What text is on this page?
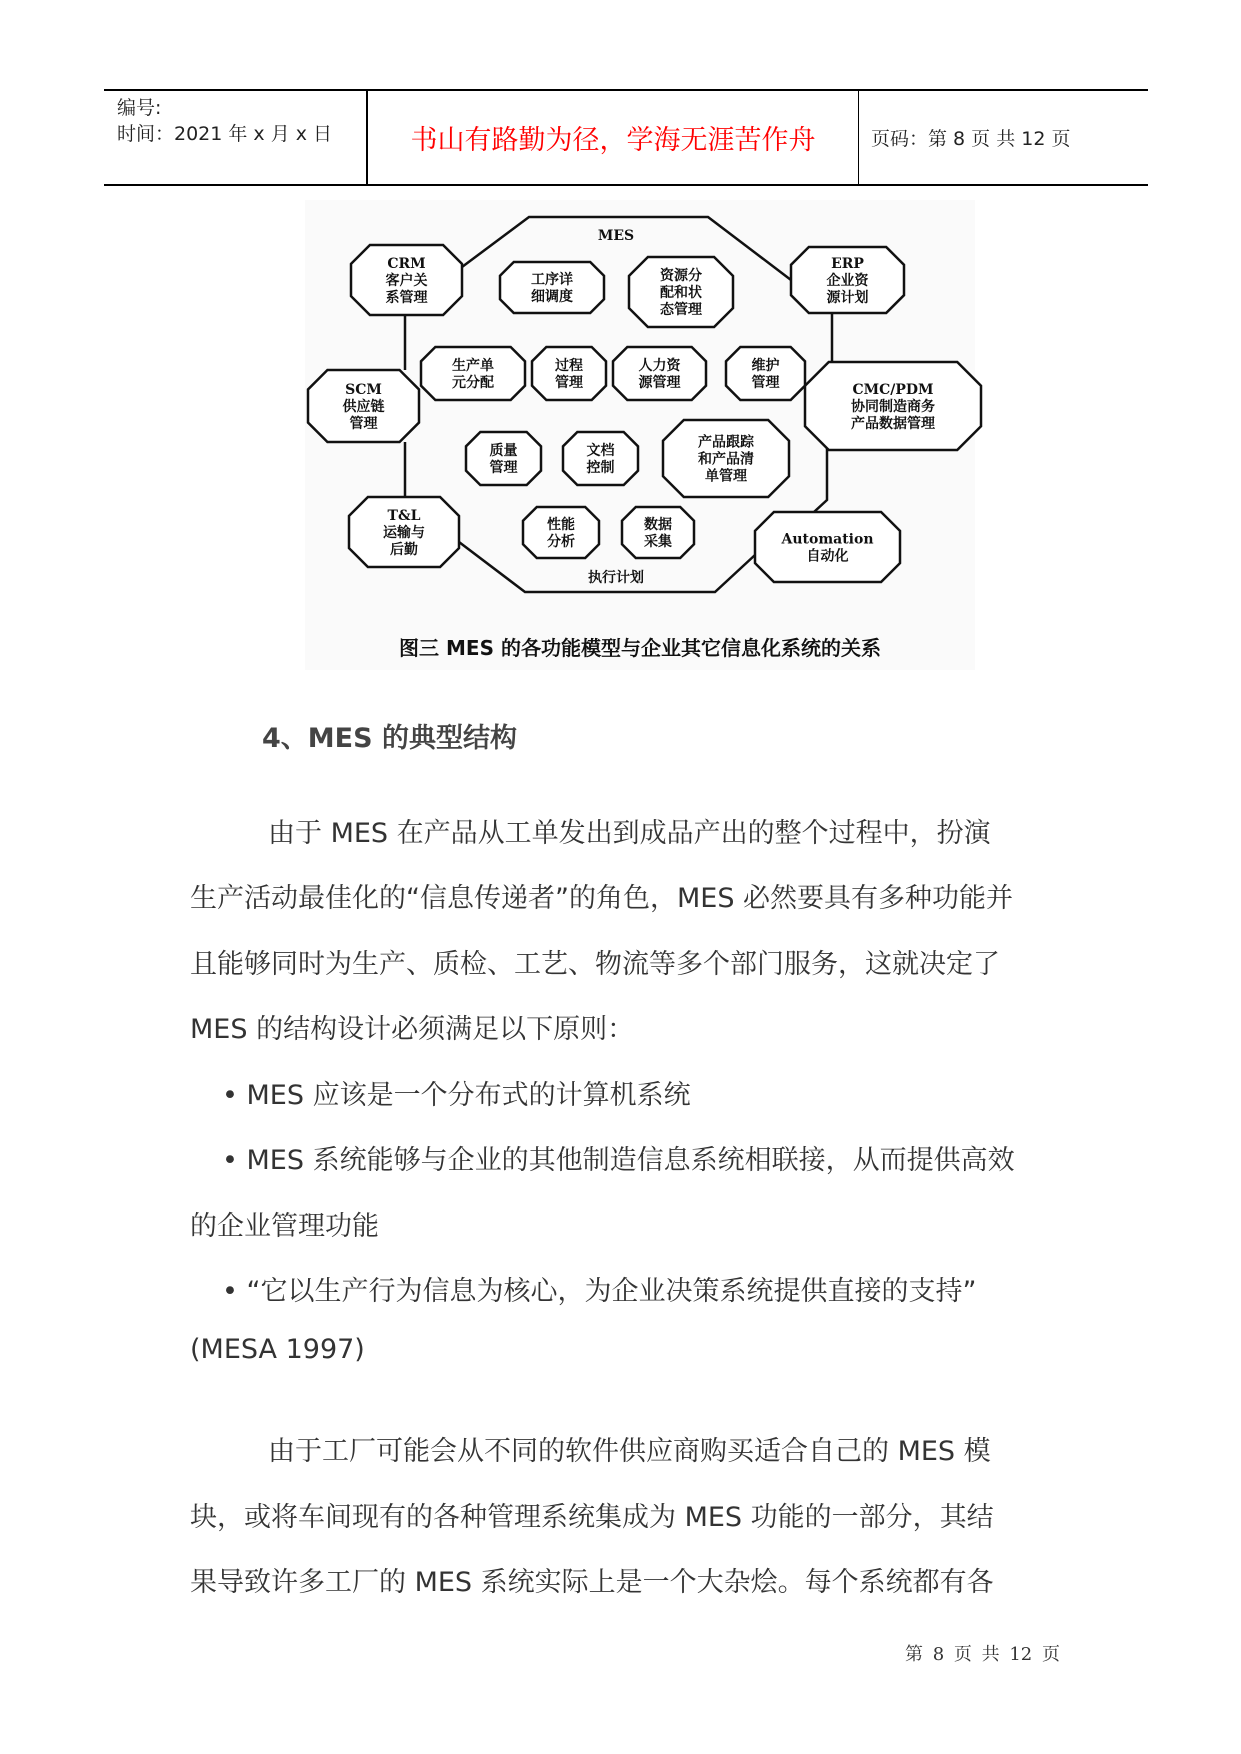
编号:
时间：2021 年 x 月 x 日	书山有路勤为径，学海无涯苦作舟	页码：第 8 页 共 12 页
MES
执行计划
CRM
客户关
系管理
ERP
企业资
源计划
SCM
供应链
管理
CMC/PDM
协同制造商务
产品数据管理
T&L
运输与
后勤
Automation
自动化
工序详
细调度
资源分
配和状
态管理
生产单
元分配
过程
管理
人力资
源管理
维护
管理
质量
管理
文档
控制
产品跟踪
和产品清
单管理
性能
分析
数据
采集
图三 MES 的各功能模型与企业其它信息化系统的关系
4、MES 的典型结构
由于 MES 在产品从工单发出到成品产出的整个过程中，扮演
生产活动最佳化的“信息传递者”的角色，MES 必然要具有多种功能并
且能够同时为生产、质检、工艺、物流等多个部门服务，这就决定了
MES 的结构设计必须满足以下原则：
• MES 应该是一个分布式的计算机系统
• MES 系统能够与企业的其他制造信息系统相联接，从而提供高效
的企业管理功能
• “它以生产行为信息为核心，为企业决策系统提供直接的支持”
(MESA 1997)
由于工厂可能会从不同的软件供应商购买适合自己的 MES 模
块，或将车间现有的各种管理系统集成为 MES 功能的一部分，其结
果导致许多工厂的 MES 系统实际上是一个大杂烩。每个系统都有各
第 8 页 共 12 页
